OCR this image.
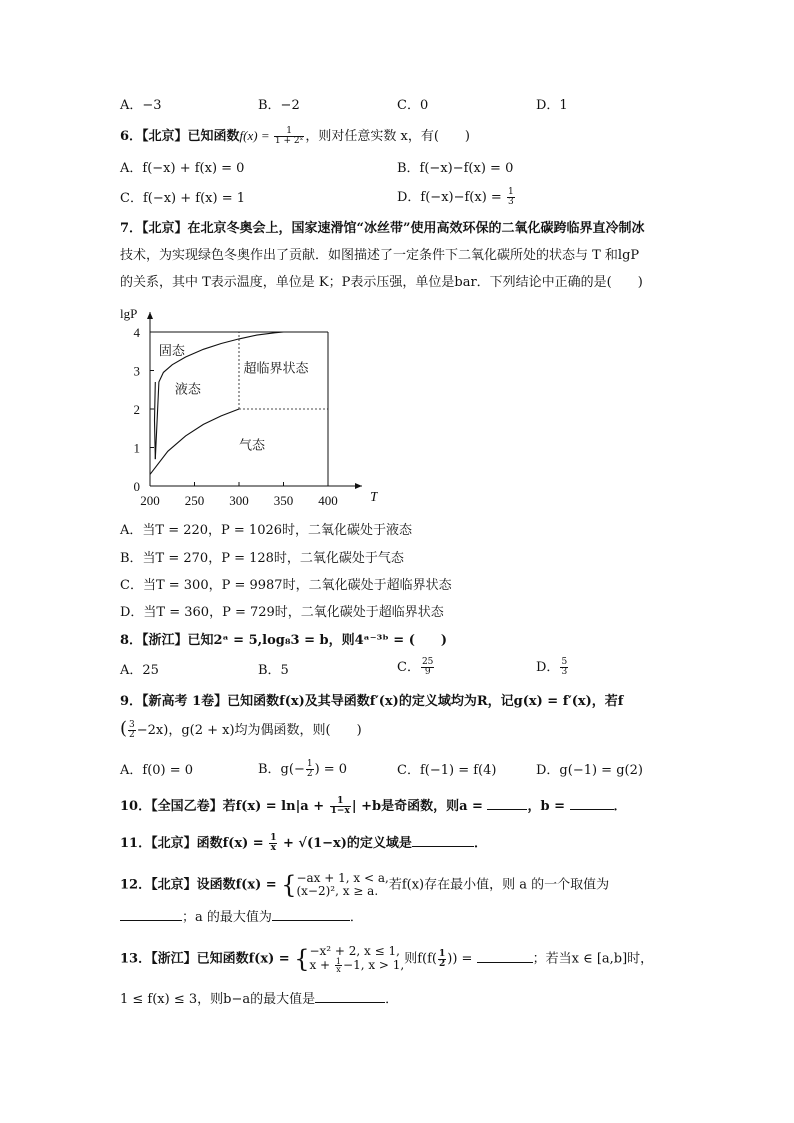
A．−3	B．−2	C．0	D．1
6．【北京】已知函数$f(x) = \frac{1}{\text{1 + 2ˣ}}$ ，则对任意实数 x，有(　　)
A．f(−x) + f(x) = 0	B．f(−x)−f(x) = 0
C．f(−x) + f(x) = 1	D．$f(-x)-f(x) = \frac{1}{3}$
7．【北京】在北京冬奥会上，国家速滑馆“冰丝带”使用高效环保的二氧化碳跨临界直冷制冰
技术，为实现绿色冬奥作出了贡献．如图描述了一定条件下二氧化碳所处的状态与 T 和lgP
的关系，其中 T表示温度，单位是 K；P表示压强，单位是bar．下列结论中正确的是(　　)
200 250 300 350 400
0
1
2
3
4
T
lgP
固态
液态
超临界状态
气态
A．当T = 220，P = 1026时，二氧化碳处于液态
B．当T = 270，P = 128时，二氧化碳处于气态
C．当T = 300，P = 9987时，二氧化碳处于超临界状态
D．当T = 360，P = 729时，二氧化碳处于超临界状态
8．【浙江】已知2ᵃ = 5,log₈3 = b，则4ᵃ⁻³ᵇ = (　　)
A．25	B．5	C． $\frac{25}{9}$	D． $\frac{5}{3}$
9．【新高考 1卷】已知函数f(x)及其导函数f′(x)的定义域均为R，记g(x) = f′(x)，若f
( $\frac{3}{2} -2x$)，g(2 + x)均为偶函数，则(　　)
A．f(0) = 0	B．$g(- \frac{1}{2}$ ) = 0	C．f(−1) = f(4)	D．g(−1) = g(2)
10．【全国乙卷】若$f(x) = \ln|a + \frac{1}{1-x}$ | +b是奇函数，则a =	，b =	．
11．【北京】函数$f(x) = \frac{1}{x} + √(1-x)$的定义域是	．
12．【北京】设函数f(x) = { −ax + 1, x < a,
(x−2)², x ≥ a. 若f(x)存在最小值，则 a 的一个取值为
；a 的最大值为	．
13．【浙江】已知函数f(x) = { −x² + 2, x ≤ 1,
$x + \frac{1}{x} -1$, x > 1, 则$f(f( \frac{1}{2}$ )) =	；若当x ∈ [a,b]时，
1 ≤ f(x) ≤ 3，则b−a的最大值是	．
